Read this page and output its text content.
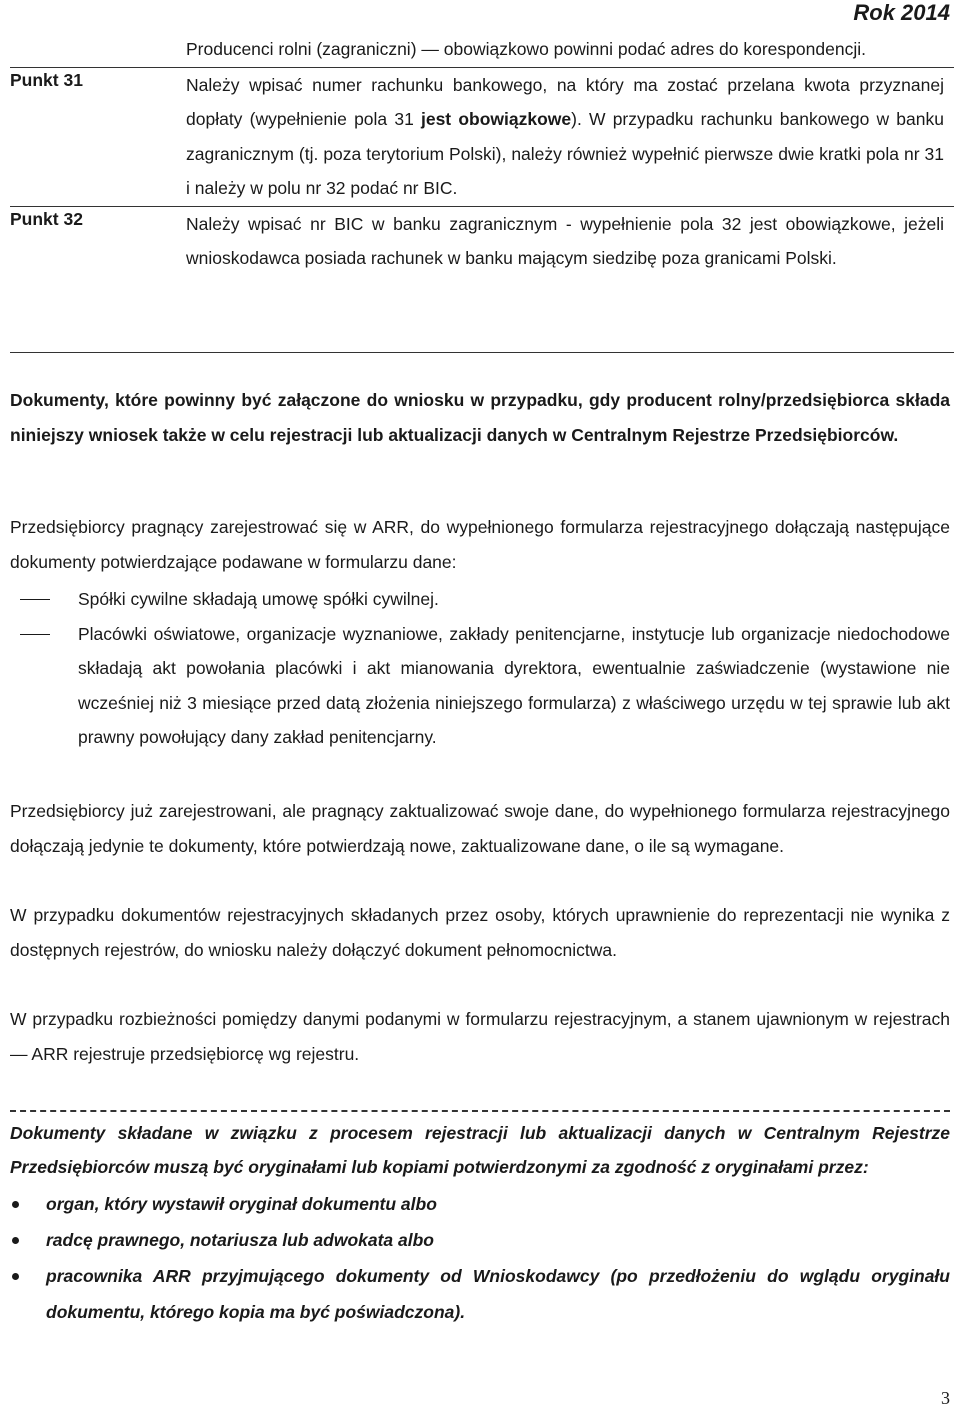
Rok 2014
Producenci rolni (zagraniczni) — obowiązkowo powinni podać adres do korespondencji.
Punkt 31	Należy wpisać numer rachunku bankowego, na który ma zostać przelana kwota przyznanej dopłaty (wypełnienie pola 31 jest obowiązkowe). W przypadku rachunku bankowego w banku zagranicznym (tj. poza terytorium Polski), należy również wypełnić pierwsze dwie kratki pola nr 31 i należy w polu nr 32 podać nr BIC.
Punkt 32	Należy wpisać nr BIC w banku zagranicznym - wypełnienie pola 32 jest obowiązkowe, jeżeli wnioskodawca posiada rachunek w banku mającym siedzibę poza granicami Polski.
Dokumenty, które powinny być załączone do wniosku w przypadku, gdy producent rolny/przedsiębiorca składa niniejszy wniosek także w celu rejestracji lub aktualizacji danych w Centralnym Rejestrze Przedsiębiorców.
Przedsiębiorcy pragnący zarejestrować się w ARR, do wypełnionego formularza rejestracyjnego dołączają następujące dokumenty potwierdzające podawane w formularzu dane:
Spółki cywilne składają umowę spółki cywilnej.
Placówki oświatowe, organizacje wyznaniowe, zakłady penitencjarne, instytucje lub organizacje niedochodowe składają akt powołania placówki i akt mianowania dyrektora, ewentualnie zaświadczenie (wystawione nie wcześniej niż 3 miesiące przed datą złożenia niniejszego formularza) z właściwego urzędu w tej sprawie lub akt prawny powołujący dany zakład penitencjarny.
Przedsiębiorcy już zarejestrowani, ale pragnący zaktualizować swoje dane, do wypełnionego formularza rejestracyjnego dołączają jedynie te dokumenty, które potwierdzają nowe, zaktualizowane dane, o ile są wymagane.
W przypadku dokumentów rejestracyjnych składanych przez osoby, których uprawnienie do reprezentacji nie wynika z dostępnych rejestrów, do wniosku należy dołączyć dokument pełnomocnictwa.
W przypadku rozbieżności pomiędzy danymi podanymi w formularzu rejestracyjnym, a stanem ujawnionym w rejestrach — ARR rejestruje przedsiębiorcę wg rejestru.
Dokumenty składane w związku z procesem rejestracji lub aktualizacji danych w Centralnym Rejestrze Przedsiębiorców muszą być oryginałami lub kopiami potwierdzonymi za zgodność z oryginałami przez:
organ, który wystawił oryginał dokumentu albo
radcę prawnego, notariusza lub adwokata albo
pracownika ARR przyjmującego dokumenty od Wnioskodawcy (po przedłożeniu do wglądu oryginału dokumentu, którego kopia ma być poświadczona).
3
